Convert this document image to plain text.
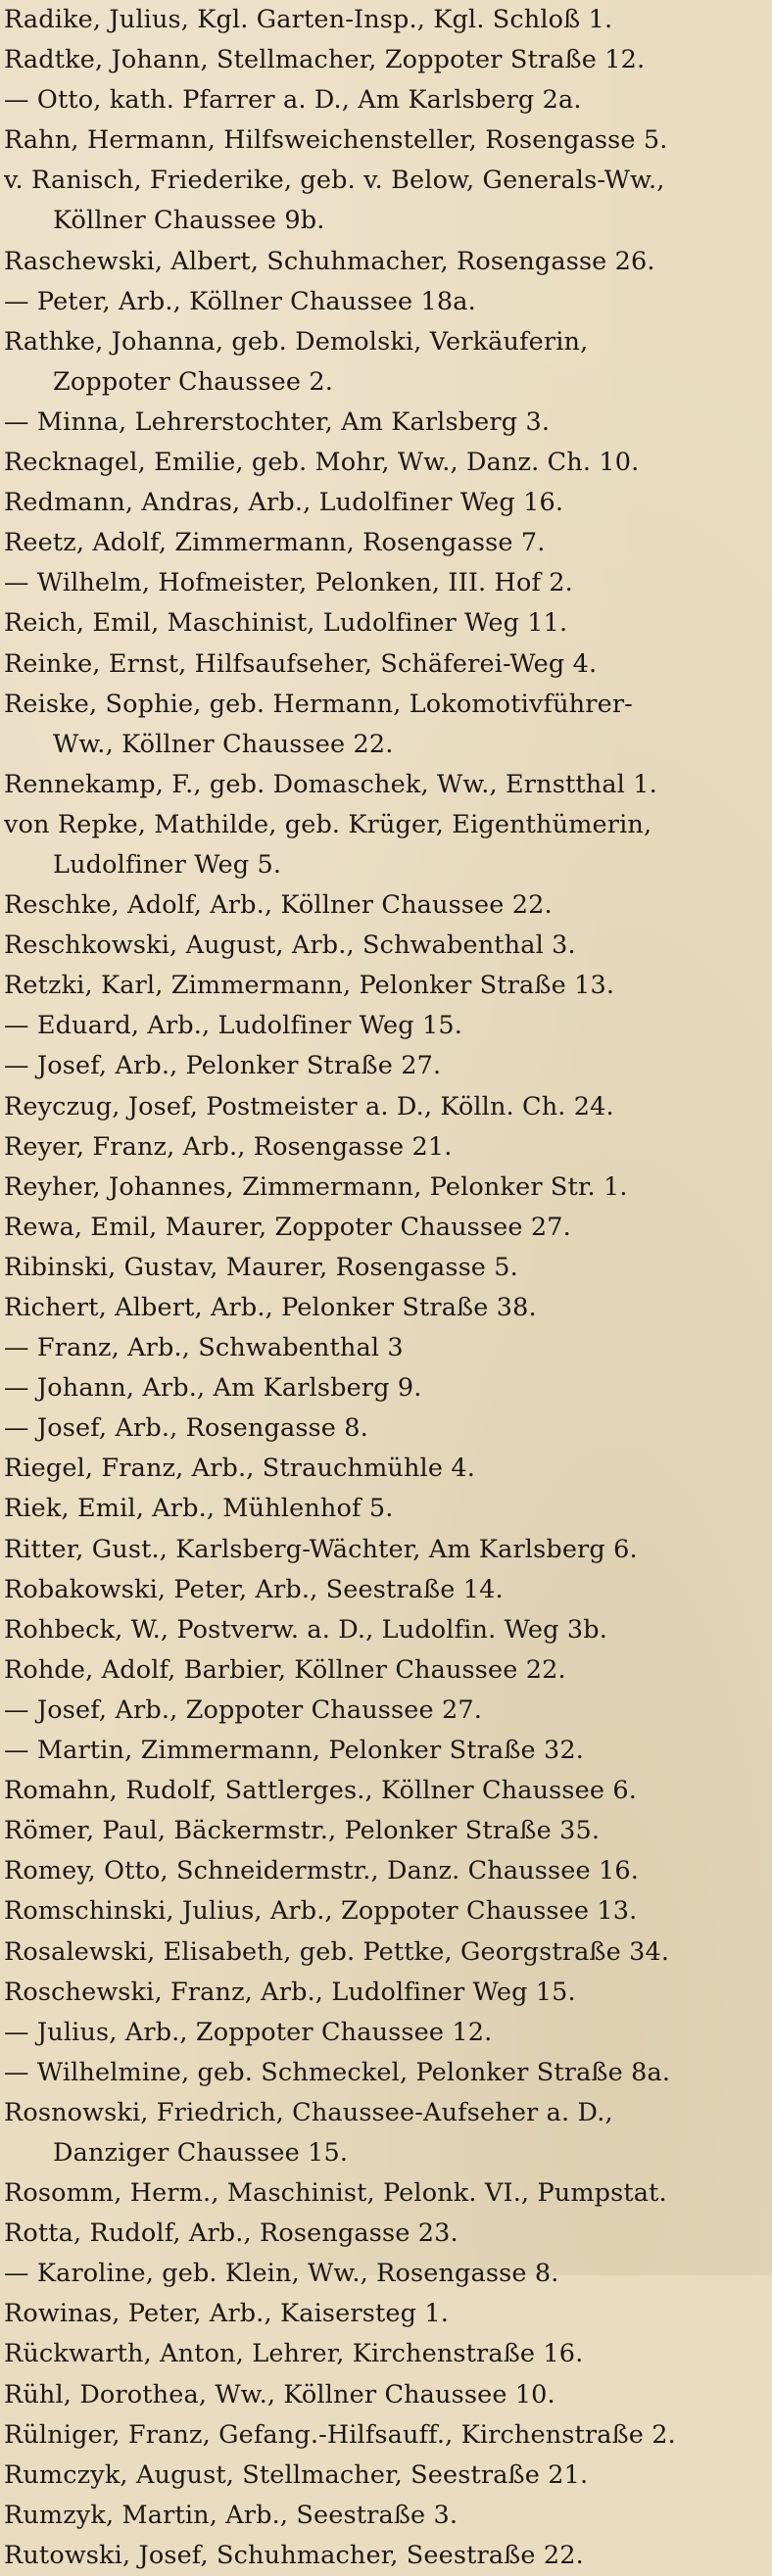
Radike, Julius, Kgl. Garten-Insp., Kgl. Schloß 1.
Radtke, Johann, Stellmacher, Zoppoter Straße 12.
— Otto, kath. Pfarrer a. D., Am Karlsberg 2a.
Rahn, Hermann, Hilfsweichensteller, Rosengasse 5.
v. Ranisch, Friederike, geb. v. Below, Generals-Ww.,
Köllner Chaussee 9b.
Raschewski, Albert, Schuhmacher, Rosengasse 26.
— Peter, Arb., Köllner Chaussee 18a.
Rathke, Johanna, geb. Demolski, Verkäuferin,
Zoppoter Chaussee 2.
— Minna, Lehrerstochter, Am Karlsberg 3.
Recknagel, Emilie, geb. Mohr, Ww., Danz. Ch. 10.
Redmann, Andras, Arb., Ludolfiner Weg 16.
Reetz, Adolf, Zimmermann, Rosengasse 7.
— Wilhelm, Hofmeister, Pelonken, III. Hof 2.
Reich, Emil, Maschinist, Ludolfiner Weg 11.
Reinke, Ernst, Hilfsaufseher, Schäferei-Weg 4.
Reiske, Sophie, geb. Hermann, Lokomotivführer-
Ww., Köllner Chaussee 22.
Rennekamp, F., geb. Domaschek, Ww., Ernstthal 1.
von Repke, Mathilde, geb. Krüger, Eigenthümerin,
Ludolfiner Weg 5.
Reschke, Adolf, Arb., Köllner Chaussee 22.
Reschkowski, August, Arb., Schwabenthal 3.
Retzki, Karl, Zimmermann, Pelonker Straße 13.
— Eduard, Arb., Ludolfiner Weg 15.
— Josef, Arb., Pelonker Straße 27.
Reyczug, Josef, Postmeister a. D., Kölln. Ch. 24.
Reyer, Franz, Arb., Rosengasse 21.
Reyher, Johannes, Zimmermann, Pelonker Str. 1.
Rewa, Emil, Maurer, Zoppoter Chaussee 27.
Ribinski, Gustav, Maurer, Rosengasse 5.
Richert, Albert, Arb., Pelonker Straße 38.
— Franz, Arb., Schwabenthal 3
— Johann, Arb., Am Karlsberg 9.
— Josef, Arb., Rosengasse 8.
Riegel, Franz, Arb., Strauchmühle 4.
Riek, Emil, Arb., Mühlenhof 5.
Ritter, Gust., Karlsberg-Wächter, Am Karlsberg 6.
Robakowski, Peter, Arb., Seestraße 14.
Rohbeck, W., Postverw. a. D., Ludolfin. Weg 3b.
Rohde, Adolf, Barbier, Köllner Chaussee 22.
— Josef, Arb., Zoppoter Chaussee 27.
— Martin, Zimmermann, Pelonker Straße 32.
Romahn, Rudolf, Sattlerges., Köllner Chaussee 6.
Römer, Paul, Bäckermstr., Pelonker Straße 35.
Romey, Otto, Schneidermstr., Danz. Chaussee 16.
Romschinski, Julius, Arb., Zoppoter Chaussee 13.
Rosalewski, Elisabeth, geb. Pettke, Georgstraße 34.
Roschewski, Franz, Arb., Ludolfiner Weg 15.
— Julius, Arb., Zoppoter Chaussee 12.
— Wilhelmine, geb. Schmeckel, Pelonker Straße 8a.
Rosnowski, Friedrich, Chaussee-Aufseher a. D.,
Danziger Chaussee 15.
Rosomm, Herm., Maschinist, Pelonk. VI., Pumpstat.
Rotta, Rudolf, Arb., Rosengasse 23.
— Karoline, geb. Klein, Ww., Rosengasse 8.
Rowinas, Peter, Arb., Kaisersteg 1.
Rückwarth, Anton, Lehrer, Kirchenstraße 16.
Rühl, Dorothea, Ww., Köllner Chaussee 10.
Rülniger, Franz, Gefang.-Hilfsauff., Kirchenstraße 2.
Rumczyk, August, Stellmacher, Seestraße 21.
Rumzyk, Martin, Arb., Seestraße 3.
Rutowski, Josef, Schuhmacher, Seestraße 22.
